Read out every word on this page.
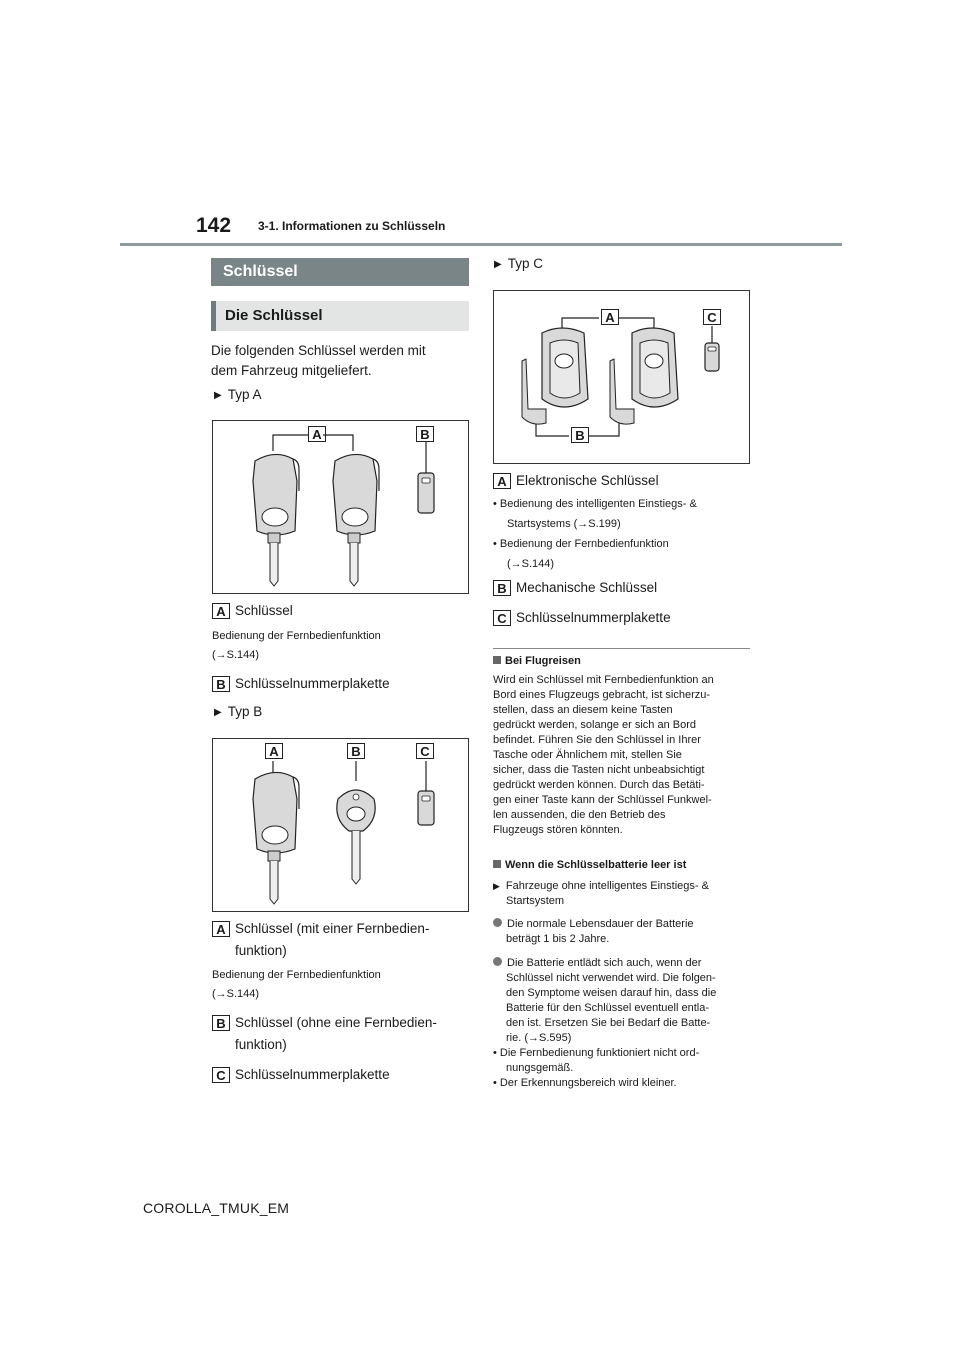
142 3-1. Informationen zu Schlüsseln
Schlüssel
Die Schlüssel
Die folgenden Schlüssel werden mit
dem Fahrzeug mitgeliefert.
▶ Typ A
A	B
A Schlüssel
Bedienung der Fernbedienfunktion
(→S.144)
B Schlüsselnummerplakette
▶ Typ B
A	B	C
A Schlüssel (mit einer Fernbedien-
funktion)
Bedienung der Fernbedienfunktion
(→S.144)
B Schlüssel (ohne eine Fernbedien-
funktion)
C Schlüsselnummerplakette
▶ Typ C
A	C
B
A Elektronische Schlüssel
• Bedienung des intelligenten Einstiegs- &
Startsystems (→S.199)
• Bedienung der Fernbedienfunktion
(→S.144)
B Mechanische Schlüssel
C Schlüsselnummerplakette
Bei Flugreisen
Wird ein Schlüssel mit Fernbedienfunktion an
Bord eines Flugzeugs gebracht, ist sicherzu-
stellen, dass an diesem keine Tasten
gedrückt werden, solange er sich an Bord
befindet. Führen Sie den Schlüssel in Ihrer
Tasche oder Ähnlichem mit, stellen Sie
sicher, dass die Tasten nicht unbeabsichtigt
gedrückt werden können. Durch das Betäti-
gen einer Taste kann der Schlüssel Funkwel-
len aussenden, die den Betrieb des
Flugzeugs stören könnten.
Wenn die Schlüsselbatterie leer ist
▶ Fahrzeuge ohne intelligentes Einstiegs- &
Startsystem
Die normale Lebensdauer der Batterie
beträgt 1 bis 2 Jahre.
Die Batterie entlädt sich auch, wenn der
Schlüssel nicht verwendet wird. Die folgen-
den Symptome weisen darauf hin, dass die
Batterie für den Schlüssel eventuell entla-
den ist. Ersetzen Sie bei Bedarf die Batte-
rie. (→S.595)
• Die Fernbedienung funktioniert nicht ord-
nungsgemäß.
• Der Erkennungsbereich wird kleiner.
COROLLA_TMUK_EM
